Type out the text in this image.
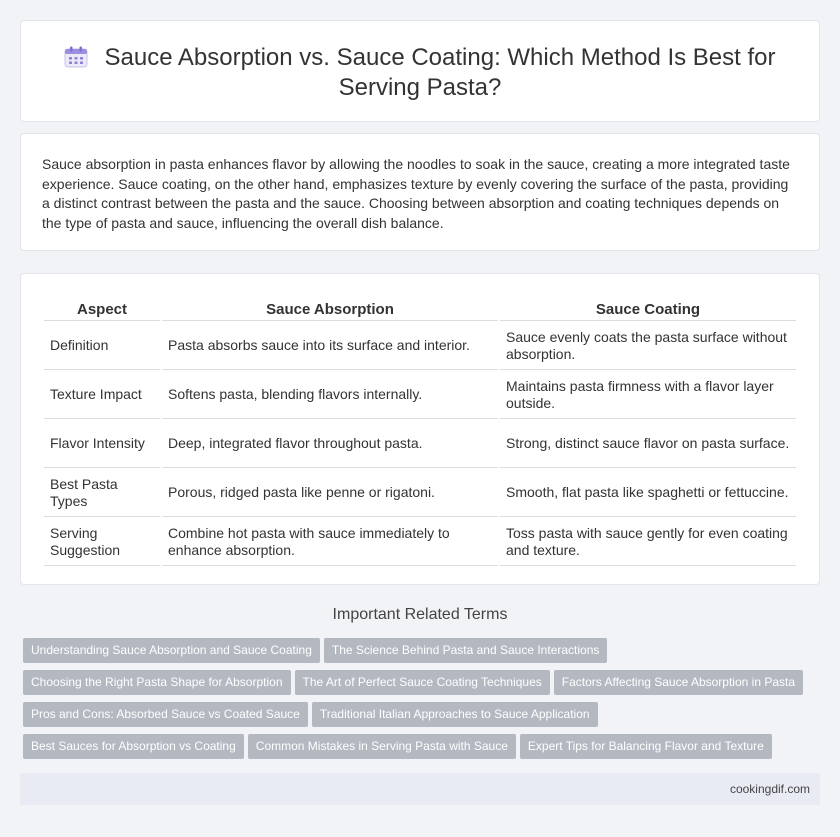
Sauce Absorption vs. Sauce Coating: Which Method Is Best for Serving Pasta?

Sauce absorption in pasta enhances flavor by allowing the noodles to soak in the sauce, creating a more integrated taste experience. Sauce coating, on the other hand, emphasizes texture by evenly covering the surface of the pasta, providing a distinct contrast between the pasta and the sauce. Choosing between absorption and coating techniques depends on the type of pasta and sauce, influencing the overall dish balance.

Aspect	Sauce Absorption	Sauce Coating
Definition	Pasta absorbs sauce into its surface and interior.	Sauce evenly coats the pasta surface without absorption.
Texture Impact	Softens pasta, blending flavors internally.	Maintains pasta firmness with a flavor layer outside.
Flavor Intensity	Deep, integrated flavor throughout pasta.	Strong, distinct sauce flavor on pasta surface.
Best Pasta Types	Porous, ridged pasta like penne or rigatoni.	Smooth, flat pasta like spaghetti or fettuccine.
Serving Suggestion	Combine hot pasta with sauce immediately to enhance absorption.	Toss pasta with sauce gently for even coating and texture.
Important Related Terms
Understanding Sauce Absorption and Sauce Coating The Science Behind Pasta and Sauce Interactions
Choosing the Right Pasta Shape for Absorption The Art of Perfect Sauce Coating Techniques Factors Affecting Sauce Absorption in Pasta
Pros and Cons: Absorbed Sauce vs Coated Sauce Traditional Italian Approaches to Sauce Application
Best Sauces for Absorption vs Coating Common Mistakes in Serving Pasta with Sauce Expert Tips for Balancing Flavor and Texture
cookingdif.com
